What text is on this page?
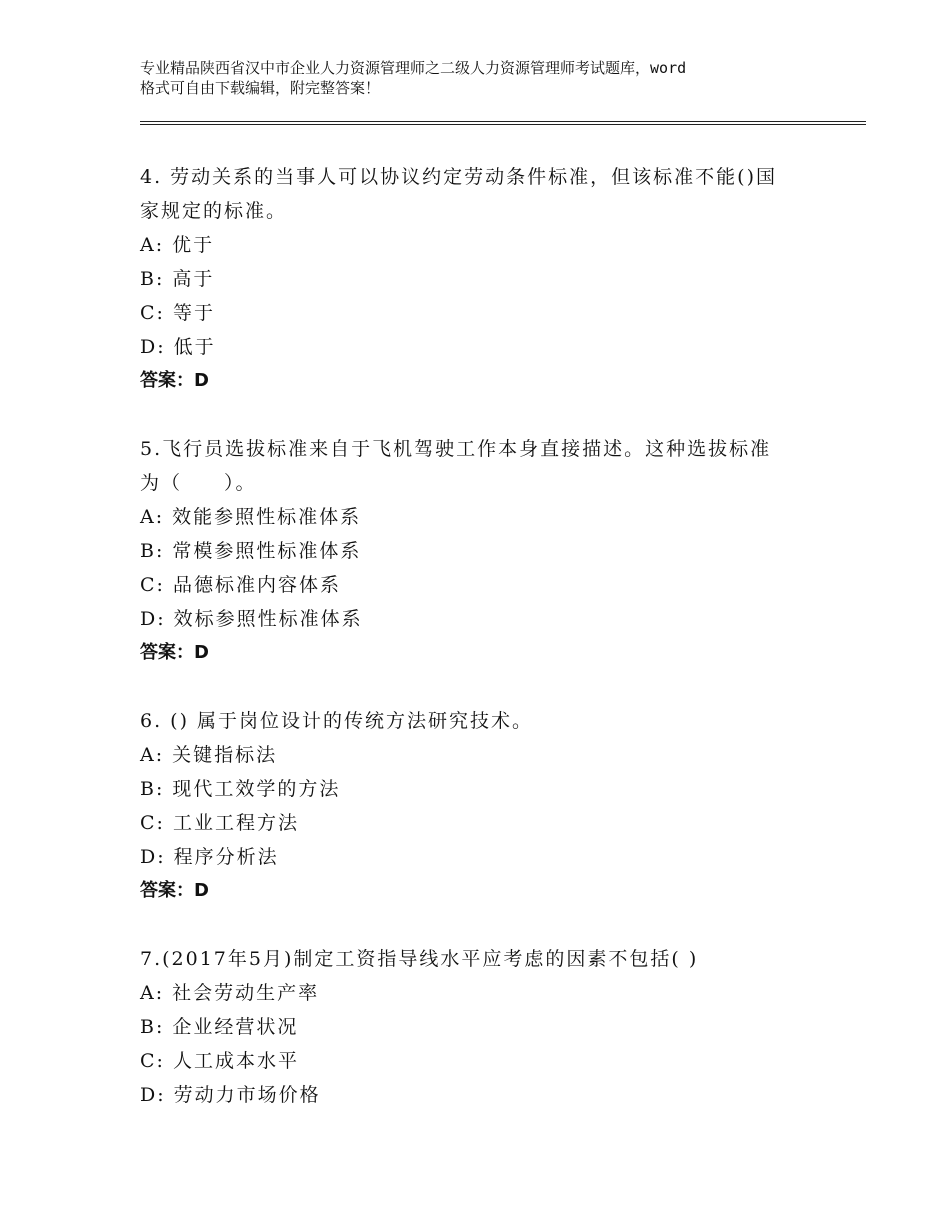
专业精品陕西省汉中市企业人力资源管理师之二级人力资源管理师考试题库，word
格式可自由下载编辑，附完整答案！
4. 劳动关系的当事人可以协议约定劳动条件标准，但该标准不能()国
家规定的标准。
A: 优于
B: 高于
C: 等于
D: 低于
答案：D
5.飞行员选拔标准来自于飞机驾驶工作本身直接描述。这种选拔标准
为（　　）。
A: 效能参照性标准体系
B: 常模参照性标准体系
C: 品德标准内容体系
D: 效标参照性标准体系
答案：D
6. () 属于岗位设计的传统方法研究技术。
A: 关键指标法
B: 现代工效学的方法
C: 工业工程方法
D: 程序分析法
答案：D
7.(2017年5月)制定工资指导线水平应考虑的因素不包括( )
A: 社会劳动生产率
B: 企业经营状况
C: 人工成本水平
D: 劳动力市场价格
